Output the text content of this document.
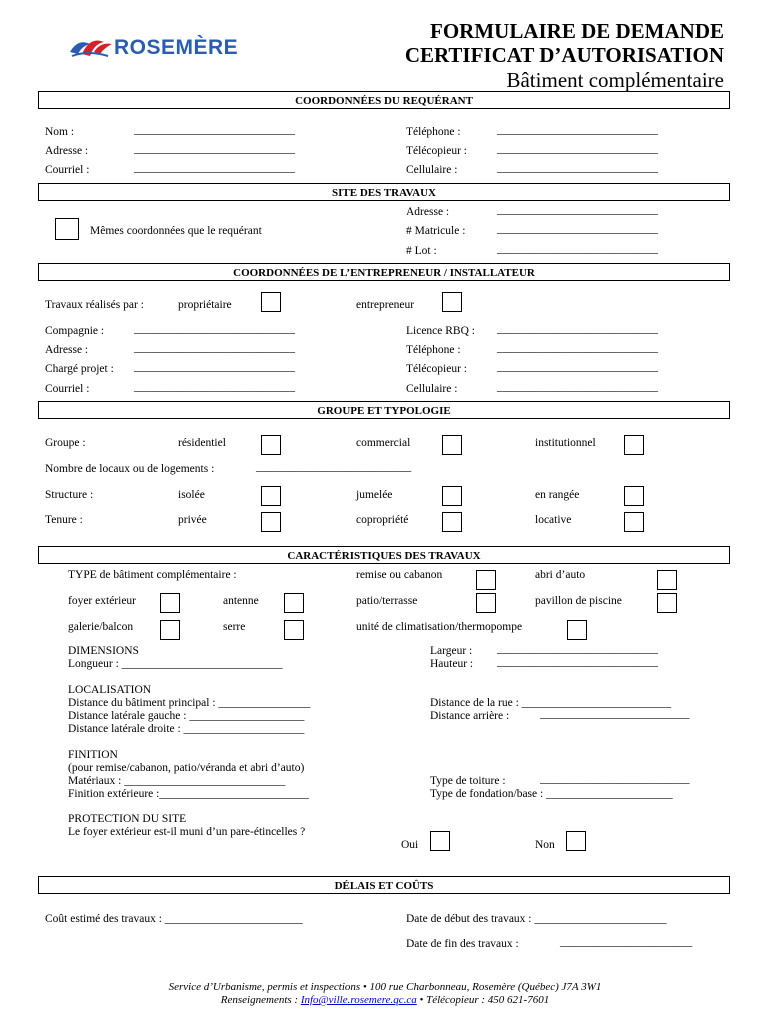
ROSEMÈRE
FORMULAIRE DE DEMANDE
CERTIFICAT D’AUTORISATION
Bâtiment complémentaire
COORDONNÉES DU REQUÉRANT
Nom :	____________________________
Adresse :	____________________________
Courriel :	____________________________
Téléphone :	____________________________
Télécopieur :	____________________________
Cellulaire :	____________________________
SITE DES TRAVAUX
Mêmes coordonnées que le requérant
Adresse :	____________________________
# Matricule :	____________________________
# Lot :	____________________________
COORDONNÉES DE L’ENTREPRENEUR / INSTALLATEUR
Travaux réalisés par :	propriétaire	entrepreneur
Compagnie :	____________________________
Adresse :	____________________________
Chargé projet : ____________________________
Courriel :	____________________________
Licence RBQ : ____________________________
Téléphone :	____________________________
Télécopieur :	____________________________
Cellulaire :	____________________________
GROUPE ET TYPOLOGIE
Groupe :	résidentiel	commercial	institutionnel
Nombre de locaux ou de logements :	___________________________
Structure :	isolée	jumelée	en rangée
Tenure :	privée	copropriété	locative
CARACTÉRISTIQUES DES TRAVAUX
TYPE de bâtiment complémentaire :	remise ou cabanon	abri d’auto
foyer extérieur	antenne	patio/terrasse	pavillon de piscine
galerie/balcon	serre	unité de climatisation/thermopompe
DIMENSIONS
Longueur : ____________________________
Largeur : ____________________________
Hauteur : ____________________________
LOCALISATION
Distance du bâtiment principal : ________________
Distance latérale gauche : ____________________
Distance latérale droite : _____________________
Distance de la rue : __________________________
Distance arrière :	__________________________
FINITION
(pour remise/cabanon, patio/véranda et abri d’auto)
Matériaux : ____________________________
Finition extérieure :__________________________
Type de toiture :	__________________________
Type de fondation/base : ______________________
PROTECTION DU SITE
Le foyer extérieur est-il muni d’un pare-étincelles ?
Oui	Non
DÉLAIS ET COÛTS
Coût estimé des travaux : ________________________	Date de début des travaux : _______________________
Date de fin des travaux :	_______________________
Service d’Urbanisme, permis et inspections • 100 rue Charbonneau, Rosemère (Québec) J7A 3W1
Renseignements : Info@ville.rosemere.qc.ca • Télécopieur : 450 621-7601
